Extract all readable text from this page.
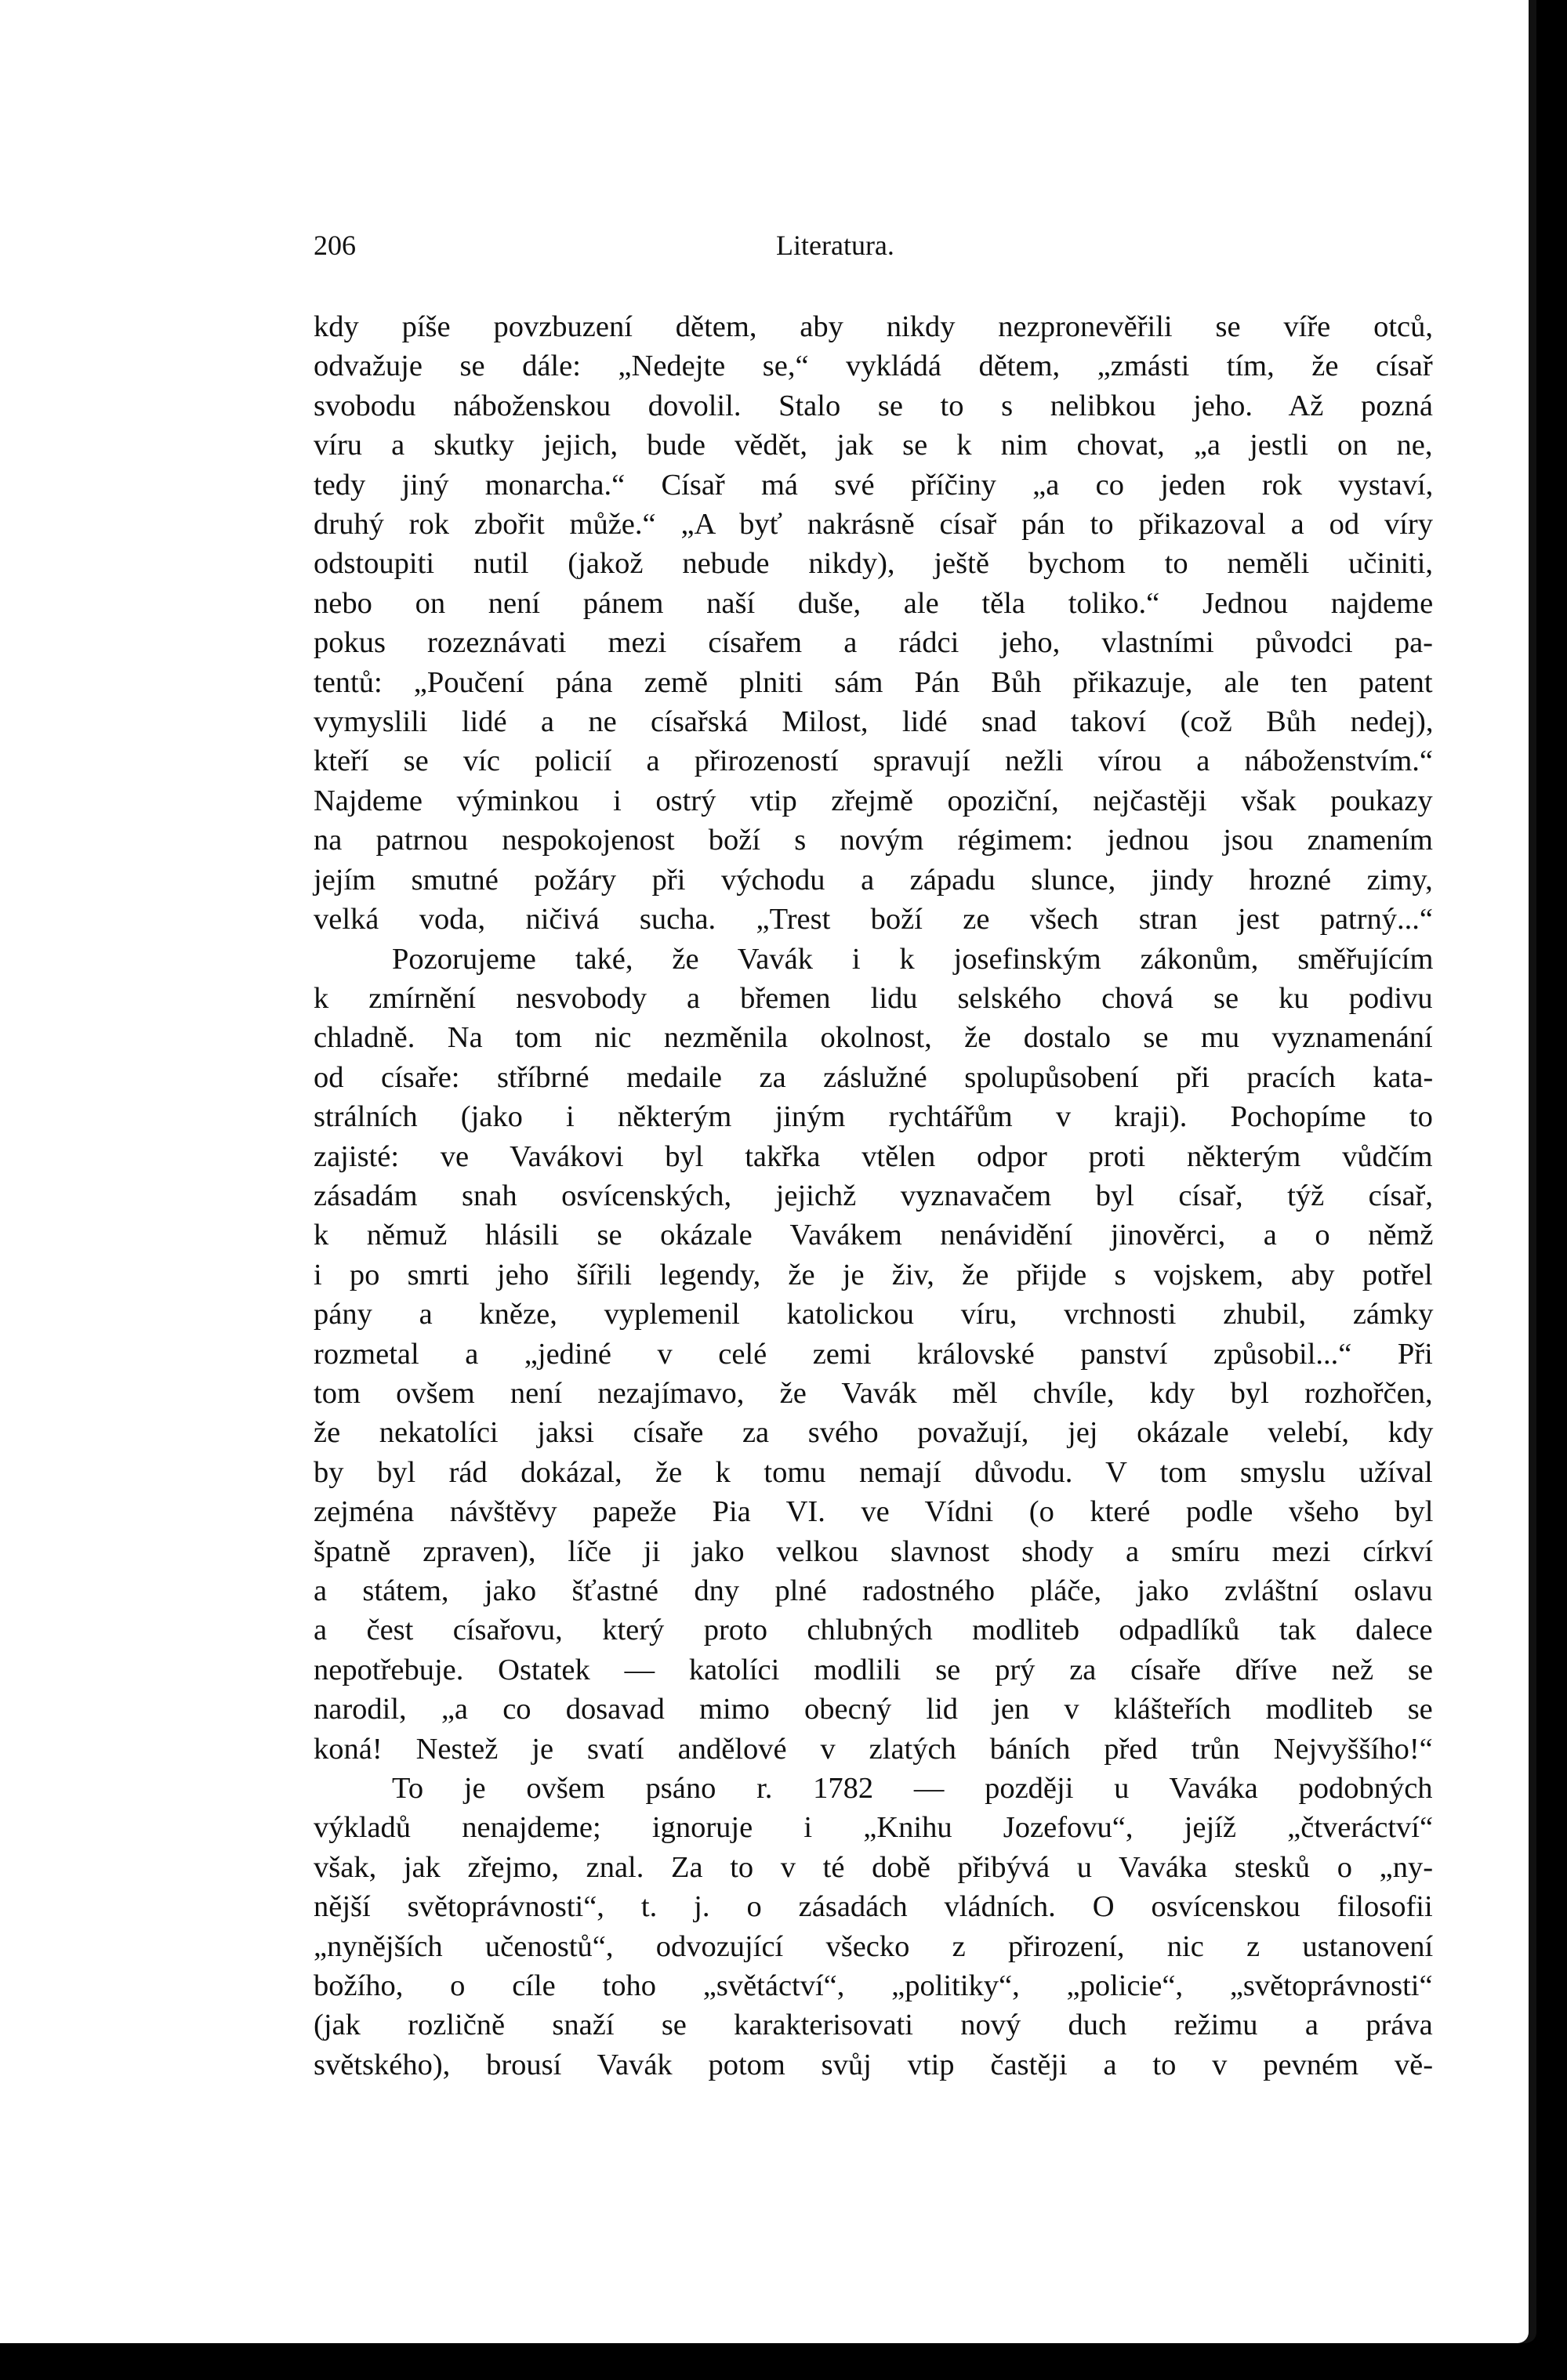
206	Literatura.
kdy píše povzbuzení dětem, aby nikdy nezpronevěřili se víře otců,
odvažuje se dále: „Nedejte se,“ vykládá dětem, „zmásti tím, že císař
svobodu náboženskou dovolil. Stalo se to s nelibkou jeho. Až pozná
víru a skutky jejich, bude vědět, jak se k nim chovat, „a jestli on ne,
tedy jiný monarcha.“ Císař má své příčiny „a co jeden rok vystaví,
druhý rok zbořit může.“ „A byť nakrásně císař pán to přikazoval a od víry
odstoupiti nutil (jakož nebude nikdy), ještě bychom to neměli učiniti,
nebo on není pánem naší duše, ale těla toliko.“ Jednou najdeme
pokus rozeznávati mezi císařem a rádci jeho, vlastními původci pa-
tentů: „Poučení pána země plniti sám Pán Bůh přikazuje, ale ten patent
vymyslili lidé a ne císařská Milost, lidé snad takoví (což Bůh nedej),
kteří se víc policií a přirozeností spravují nežli vírou a náboženstvím.“
Najdeme výminkou i ostrý vtip zřejmě opoziční, nejčastěji však poukazy
na patrnou nespokojenost boží s novým régimem: jednou jsou znamením
jejím smutné požáry při východu a západu slunce, jindy hrozné zimy,
velká voda, ničivá sucha. „Trest boží ze všech stran jest patrný...“
Pozorujeme také, že Vavák i k josefinským zákonům, směřujícím
k zmírnění nesvobody a břemen lidu selského chová se ku podivu
chladně. Na tom nic nezměnila okolnost, že dostalo se mu vyznamenání
od císaře: stříbrné medaile za záslužné spolupůsobení při pracích kata-
strálních (jako i některým jiným rychtářům v kraji). Pochopíme to
zajisté: ve Vavákovi byl takřka vtělen odpor proti některým vůdčím
zásadám snah osvícenských, jejichž vyznavačem byl císař, týž císař,
k němuž hlásili se okázale Vavákem nenávidění jinověrci, a o němž
i po smrti jeho šířili legendy, že je živ, že přijde s vojskem, aby potřel
pány a kněze, vyplemenil katolickou víru, vrchnosti zhubil, zámky
rozmetal a „jediné v celé zemi královské panství způsobil...“ Při
tom ovšem není nezajímavo, že Vavák měl chvíle, kdy byl rozhořčen,
že nekatolíci jaksi císaře za svého považují, jej okázale velebí, kdy
by byl rád dokázal, že k tomu nemají důvodu. V tom smyslu užíval
zejména návštěvy papeže Pia VI. ve Vídni (o které podle všeho byl
špatně zpraven), líče ji jako velkou slavnost shody a smíru mezi církví
a státem, jako šťastné dny plné radostného pláče, jako zvláštní oslavu
a čest císařovu, který proto chlubných modliteb odpadlíků tak dalece
nepotřebuje. Ostatek — katolíci modlili se prý za císaře dříve než se
narodil, „a co dosavad mimo obecný lid jen v klášteřích modliteb se
koná! Nestež je svatí andělové v zlatých báních před trůn Nejvyššího!“
To je ovšem psáno r. 1782 — později u Vaváka podobných
výkladů nenajdeme; ignoruje i „Knihu Jozefovu“, jejíž „čtveráctví“
však, jak zřejmo, znal. Za to v té době přibývá u Vaváka stesků o „ny-
nější světoprávnosti“, t. j. o zásadách vládních. O osvícenskou filosofii
„nynějších učenostů“, odvozující všecko z přirození, nic z ustanovení
božího, o cíle toho „světáctví“, „politiky“, „policie“, „světoprávnosti“
(jak rozličně snaží se karakterisovati nový duch režimu a práva
světského), brousí Vavák potom svůj vtip častěji a to v pevném vě-
